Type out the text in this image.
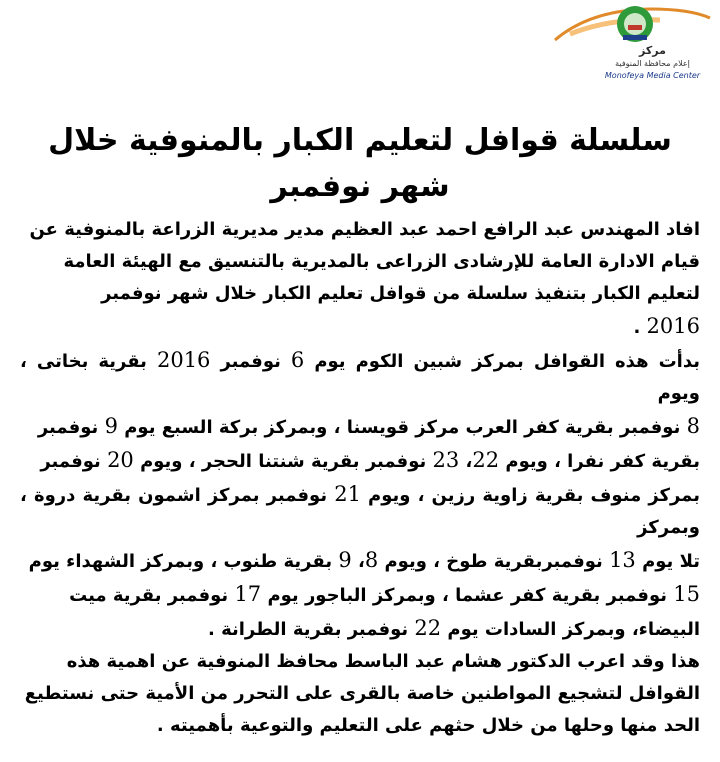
مركز
إعلام محافظة المنوفية
Monofeya Media Center
سلسلة قوافل لتعليم الكبار بالمنوفية خلال
شهر نوفمبر
افاد المهندس عبد الرافع احمد عبد العظيم مدير مديرية الزراعة بالمنوفية عن
قيام الادارة العامة للإرشادى الزراعى بالمديرية بالتنسيق مع الهيئة العامة
لتعليم الكبار بتنفيذ سلسلة من قوافل تعليم الكبار خلال شهر نوفمبر
2016 .
بدأت هذه القوافل بمركز شبين الكوم يوم 6 نوفمبر 2016 بقرية بخاتى ، ويوم
8 نوفمبر بقرية كفر العرب مركز قويسنا ، وبمركز بركة السبع يوم 9 نوفمبر
بقرية كفر نفرا ، ويوم 22، 23 نوفمبر بقرية شنتنا الحجر ، ويوم 20 نوفمبر
بمركز منوف بقرية زاوية رزين ، ويوم 21 نوفمبر بمركز اشمون بقرية دروة ، وبمركز
تلا يوم 13 نوفمبربقرية طوخ ، ويوم 8، 9 بقرية طنوب ، وبمركز الشهداء يوم
15 نوفمبر بقرية كفر عشما ، وبمركز الباجور يوم 17 نوفمبر بقرية ميت
البيضاء، وبمركز السادات يوم 22 نوفمبر بقرية الطرانة .
هذا وقد اعرب الدكتور هشام عبد الباسط محافظ المنوفية عن اهمية هذه
القوافل لتشجيع المواطنين خاصة بالقرى على التحرر من الأمية حتى نستطيع
الحد منها وحلها من خلال حثهم على التعليم والتوعية بأهميته .
